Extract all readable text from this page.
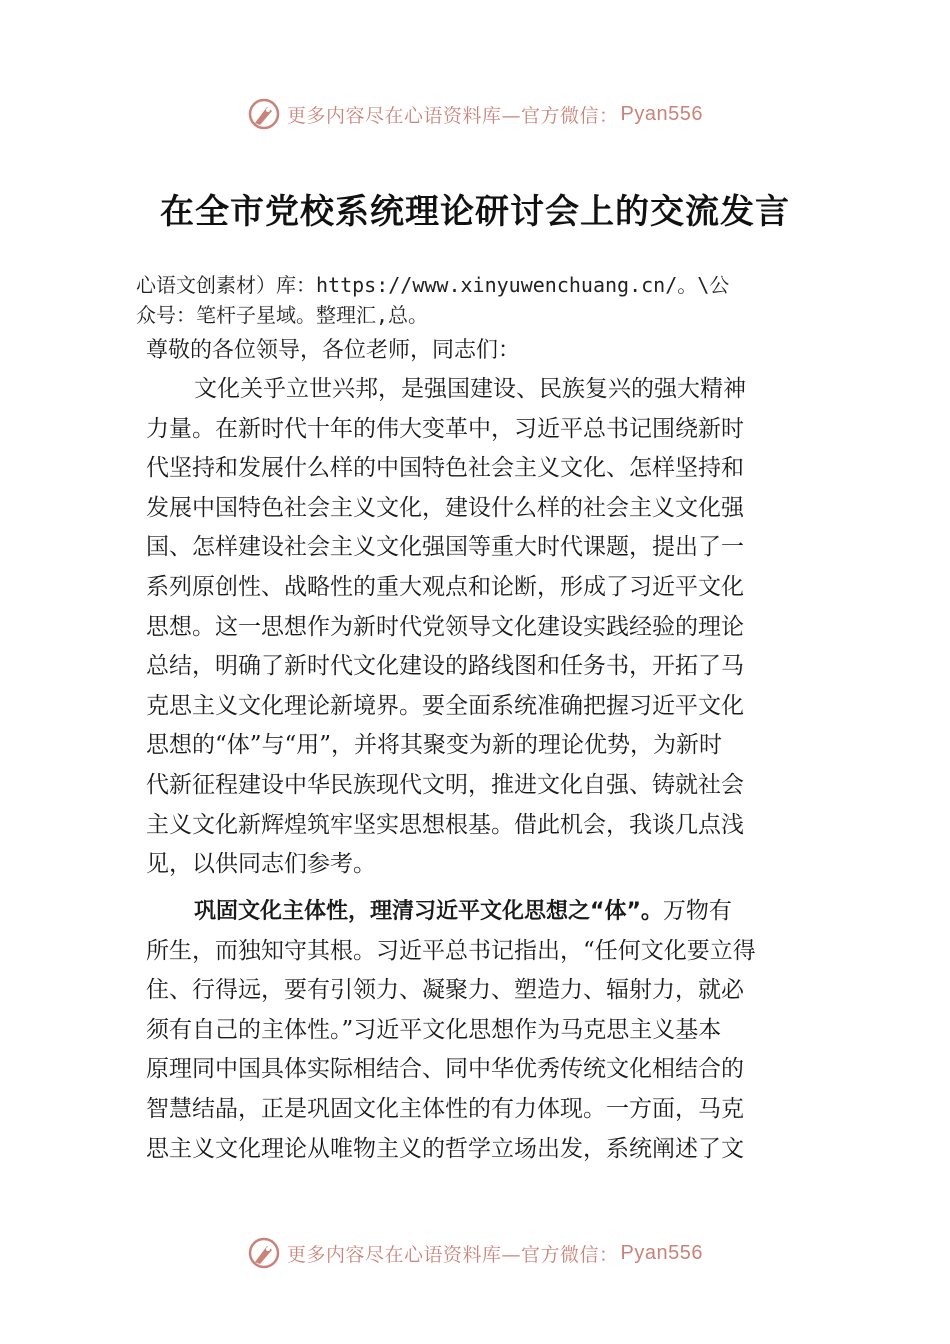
更多内容尽在心语资料库—官方微信： Pyan556
在全市党校系统理论研讨会上的交流发言
心语文创素材）库：https://www.xinyuwenchuang.cn/。\公
众号：笔杆子星域。整理汇,总。
尊敬的各位领导，各位老师，同志们：
文化关乎立世兴邦，是强国建设、民族复兴的强大精神
力量。在新时代十年的伟大变革中，习近平总书记围绕新时
代坚持和发展什么样的中国特色社会主义文化、怎样坚持和
发展中国特色社会主义文化，建设什么样的社会主义文化强
国、怎样建设社会主义文化强国等重大时代课题，提出了一
系列原创性、战略性的重大观点和论断，形成了习近平文化
思想。这一思想作为新时代党领导文化建设实践经验的理论
总结，明确了新时代文化建设的路线图和任务书，开拓了马
克思主义文化理论新境界。要全面系统准确把握习近平文化
思想的“体”与“用”，并将其聚变为新的理论优势，为新时
代新征程建设中华民族现代文明，推进文化自强、铸就社会
主义文化新辉煌筑牢坚实思想根基。借此机会，我谈几点浅
见，以供同志们参考。
巩固文化主体性，理清习近平文化思想之“体”。万物有
所生，而独知守其根。习近平总书记指出，“任何文化要立得
住、行得远，要有引领力、凝聚力、塑造力、辐射力，就必
须有自己的主体性。”习近平文化思想作为马克思主义基本
原理同中国具体实际相结合、同中华优秀传统文化相结合的
智慧结晶，正是巩固文化主体性的有力体现。一方面，马克
思主义文化理论从唯物主义的哲学立场出发，系统阐述了文
更多内容尽在心语资料库—官方微信： Pyan556
